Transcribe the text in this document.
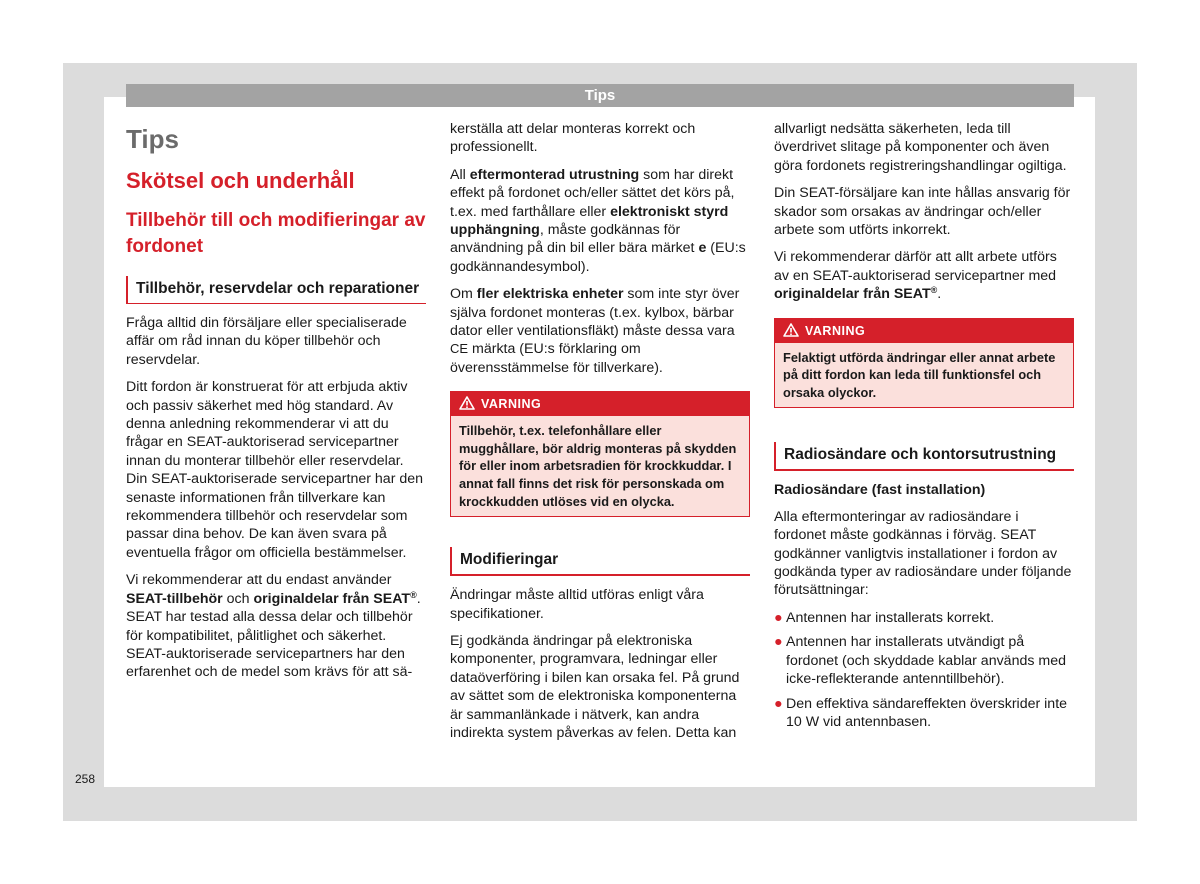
Tips
Tips
Skötsel och underhåll
Tillbehör till och modifieringar av fordonet
Tillbehör, reservdelar och reparationer

Fråga alltid din försäljare eller specialiserade affär om råd innan du köper tillbehör och reservdelar.

Ditt fordon är konstruerat för att erbjuda aktiv och passiv säkerhet med hög standard. Av denna anledning rekommenderar vi att du frågar en SEAT-auktoriserad servicepartner innan du monterar tillbehör eller reservdelar. Din SEAT-auktoriserade servicepartner har den senaste informationen från tillverkare kan rekommendera tillbehör och reservdelar som passar dina behov. De kan även svara på eventuella frågor om officiella bestämmelser.

Vi rekommenderar att du endast använder SEAT-tillbehör och originaldelar från SEAT®. SEAT har testad alla dessa delar och tillbehör för kompatibilitet, pålitlighet och säkerhet. SEAT-auktoriserade servicepartners har den erfarenhet och de medel som krävs för att sä-

kerställa att delar monteras korrekt och professionellt.

All eftermonterad utrustning som har direkt effekt på fordonet och/eller sättet det körs på, t.ex. med farthållare eller elektroniskt styrd upphängning, måste godkännas för användning på din bil eller bära märket e (EU:s godkännandesymbol).

Om fler elektriska enheter som inte styr över själva fordonet monteras (t.ex. kylbox, bärbar dator eller ventilationsfläkt) måste dessa vara CE märkta (EU:s förklaring om överensstämmelse för tillverkare).

VARNING
Tillbehör, t.ex. telefonhållare eller mugghållare, bör aldrig monteras på skydden för eller inom arbetsradien för krockkuddar. I annat fall finns det risk för personskada om krockkudden utlöses vid en olycka.
Modifieringar

Ändringar måste alltid utföras enligt våra specifikationer.

Ej godkända ändringar på elektroniska komponenter, programvara, ledningar eller dataöverföring i bilen kan orsaka fel. På grund av sättet som de elektroniska komponenterna är sammanlänkade i nätverk, kan andra indirekta system påverkas av felen. Detta kan

allvarligt nedsätta säkerheten, leda till överdrivet slitage på komponenter och även göra fordonets registreringshandlingar ogiltiga.

Din SEAT-försäljare kan inte hållas ansvarig för skador som orsakas av ändringar och/eller arbete som utförts inkorrekt.

Vi rekommenderar därför att allt arbete utförs av en SEAT-auktoriserad servicepartner med originaldelar från SEAT®.

VARNING
Felaktigt utförda ändringar eller annat arbete på ditt fordon kan leda till funktionsfel och orsaka olyckor.
Radiosändare och kontorsutrustning
Radiosändare (fast installation)

Alla eftermonteringar av radiosändare i fordonet måste godkännas i förväg. SEAT godkänner vanligtvis installationer i fordon av godkända typer av radiosändare under följande förutsättningar:

● Antennen har installerats korrekt.
● Antennen har installerats utvändigt på fordonet (och skyddade kablar används med icke-reflekterande antenntillbehör).
● Den effektiva sändareffekten överskrider inte 10 W vid antennbasen.
258
